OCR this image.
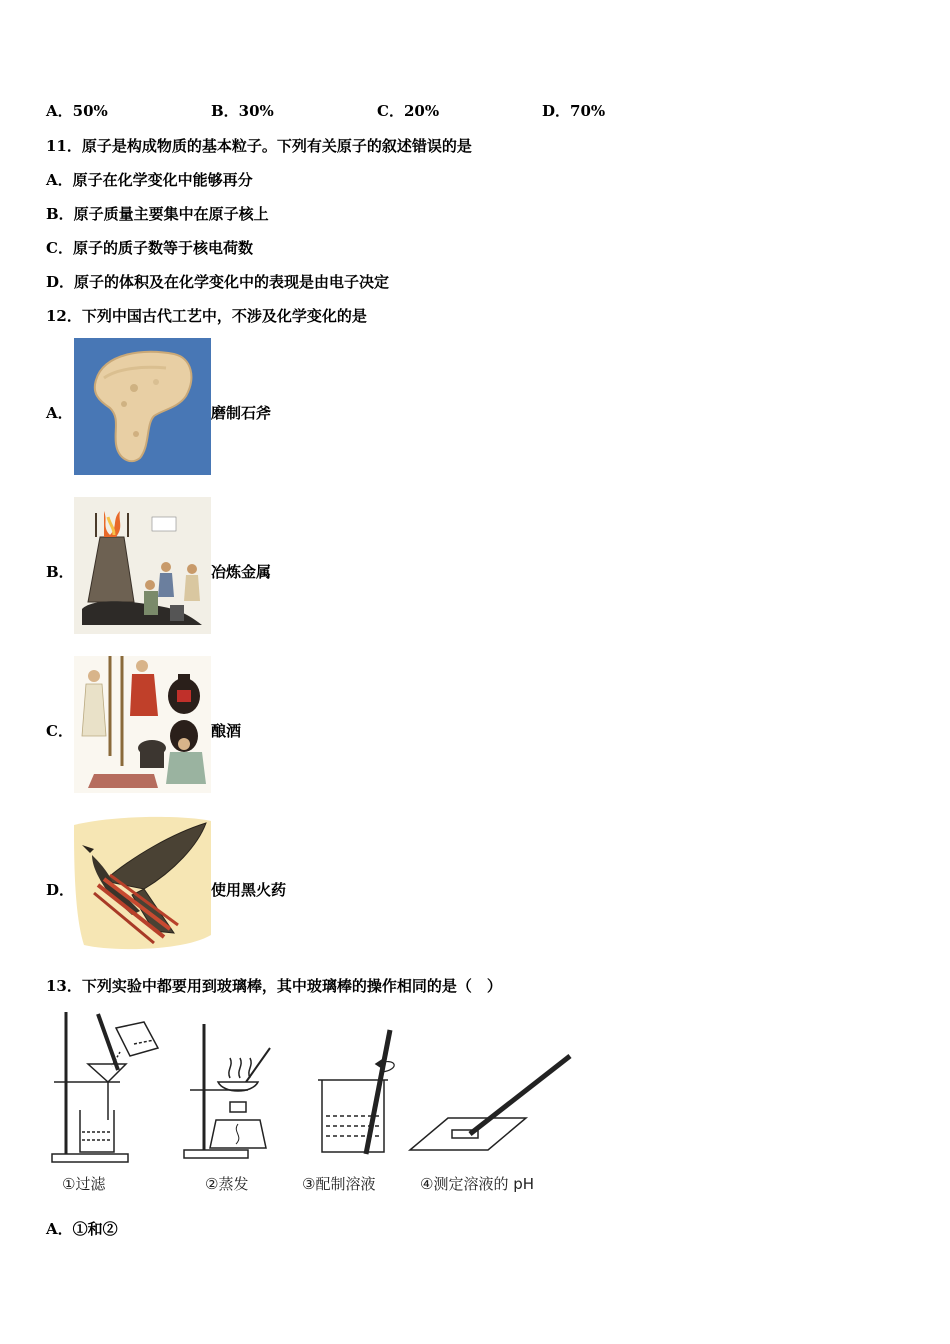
A．50%	B．30%	C．20%	D．70%
11．原子是构成物质的基本粒子。下列有关原子的叙述错误的是
A．原子在化学变化中能够再分
B．原子质量主要集中在原子核上
C．原子的质子数等于核电荷数
D．原子的体积及在化学变化中的表现是由电子决定
12．下列中国古代工艺中，不涉及化学变化的是
A．	磨制石斧
B．	冶炼金属
C．	酿酒
D．	使用黑火药
13．下列实验中都要用到玻璃棒，其中玻璃棒的操作相同的是（　）
①过滤	②蒸发	③配制溶液	④测定溶液的 pH
A．①和②
